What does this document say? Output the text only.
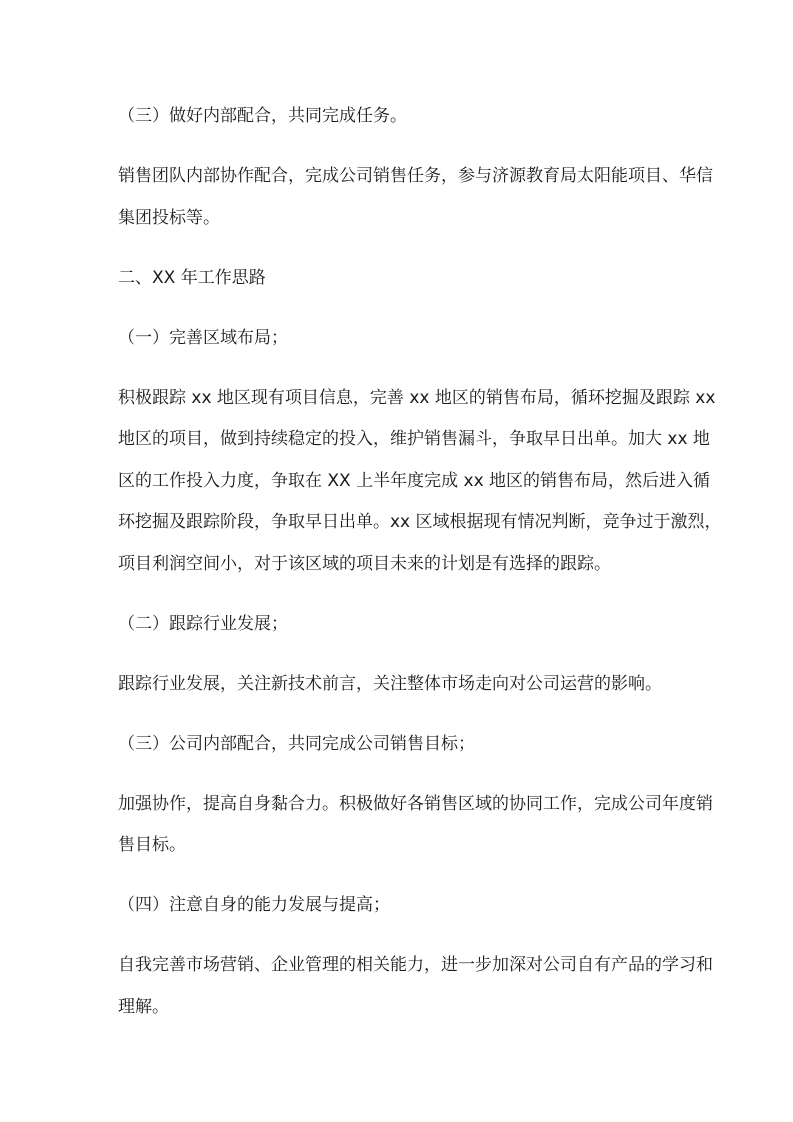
（三）做好内部配合，共同完成任务。
销售团队内部协作配合，完成公司销售任务，参与济源教育局太阳能项目、华信
集团投标等。
二、XX 年工作思路
（一）完善区域布局；
积极跟踪 xx 地区现有项目信息，完善 xx 地区的销售布局，循环挖掘及跟踪 xx
地区的项目，做到持续稳定的投入，维护销售漏斗，争取早日出单。加大 xx 地
区的工作投入力度，争取在 XX 上半年度完成 xx 地区的销售布局，然后进入循
环挖掘及跟踪阶段，争取早日出单。xx 区域根据现有情况判断，竞争过于激烈，
项目利润空间小，对于该区域的项目未来的计划是有选择的跟踪。
（二）跟踪行业发展；
跟踪行业发展，关注新技术前言，关注整体市场走向对公司运营的影响。
（三）公司内部配合，共同完成公司销售目标；
加强协作，提高自身黏合力。积极做好各销售区域的协同工作，完成公司年度销
售目标。
（四）注意自身的能力发展与提高；
自我完善市场营销、企业管理的相关能力，进一步加深对公司自有产品的学习和
理解。
